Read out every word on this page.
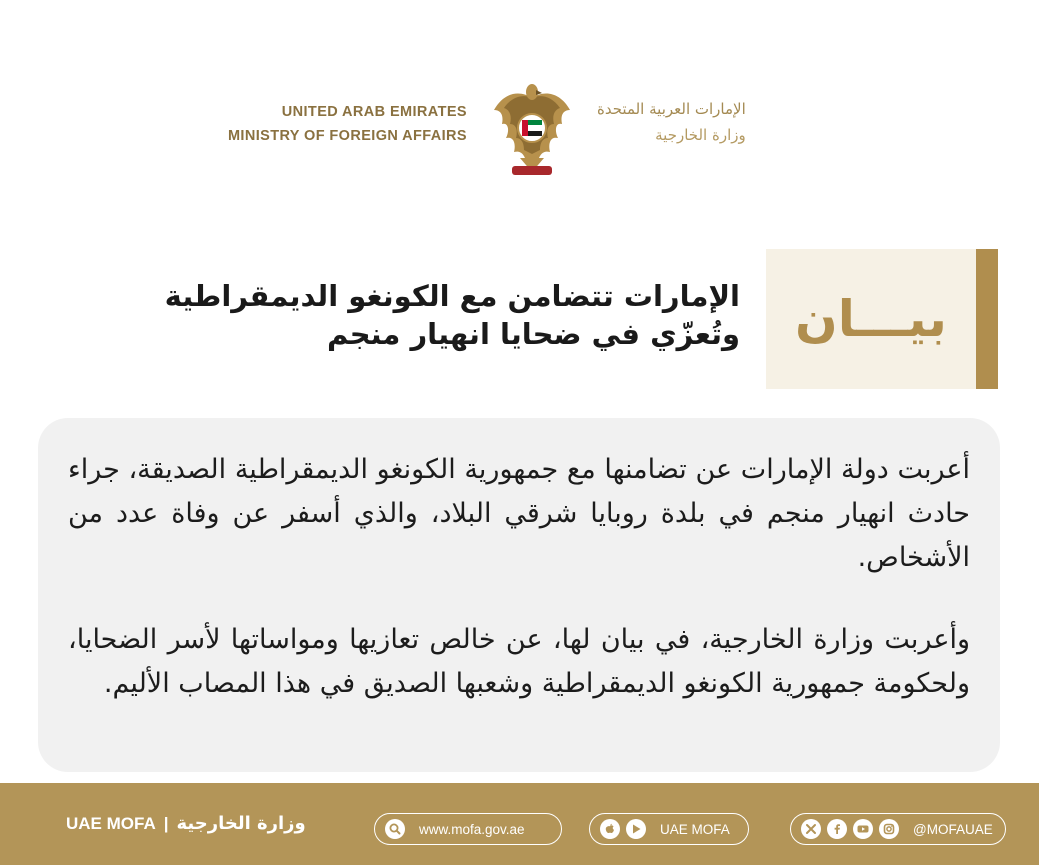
UNITED ARAB EMIRATES
MINISTRY OF FOREIGN AFFAIRS
الإمارات العربية المتحدة
وزارة الخارجية
بيـــان
الإمارات تتضامن مع الكونغو الديمقراطية
وتُعزّي في ضحايا انهيار منجم

أعربت دولة الإمارات عن تضامنها مع جمهورية الكونغو الديمقراطية الصديقة، جراء حادث انهيار منجم في بلدة روبايا شرقي البلاد، والذي أسفر عن وفاة عدد من الأشخاص.

وأعربت وزارة الخارجية، في بيان لها، عن خالص تعازيها ومواساتها لأسر الضحايا، ولحكومة جمهورية الكونغو الديمقراطية وشعبها الصديق في هذا المصاب الأليم.

UAE MOFA | وزارة الخارجية	www.mofa.gov.ae	UAE MOFA	@MOFAUAE
